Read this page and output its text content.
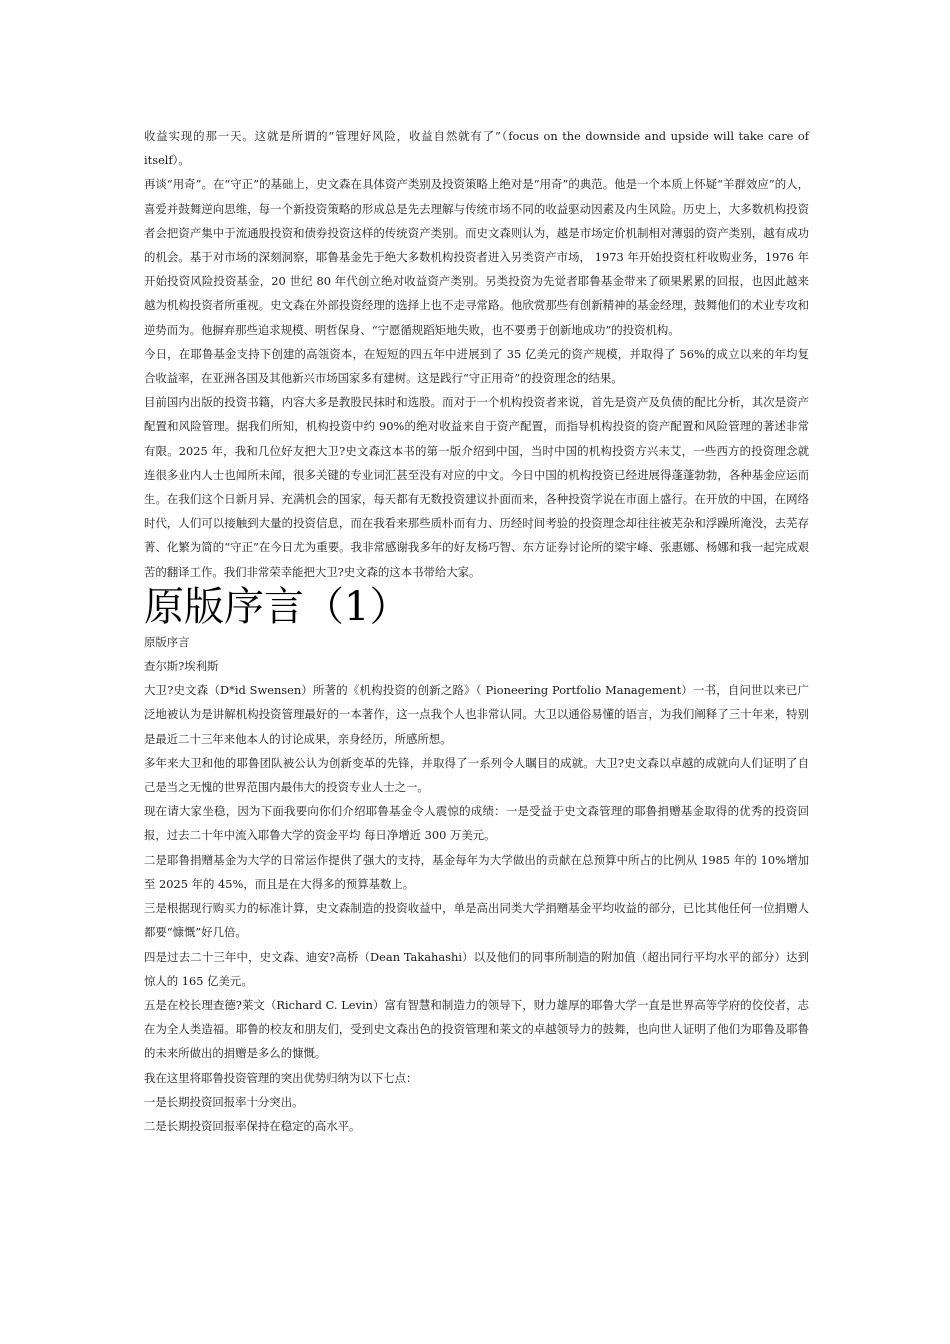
收益实现的那一天。这就是所谓的“管理好风险，收益自然就有了”（focus on the downside and upside will take care of itself）。

再谈“用奇”。在“守正”的基础上，史文森在具体资产类别及投资策略上绝对是“用奇”的典范。他是一个本质上怀疑“羊群效应”的人，喜爱并鼓舞逆向思维，每一个新投资策略的形成总是先去理解与传统市场不同的收益驱动因素及内生风险。历史上，大多数机构投资者会把资产集中于流通股投资和债券投资这样的传统资产类别。而史文森则认为，越是市场定价机制相对薄弱的资产类别，越有成功的机会。基于对市场的深刻洞察，耶鲁基金先于绝大多数机构投资者进入另类资产市场， 1973 年开始投资杠杆收购业务，1976 年开始投资风险投资基金，20 世纪 80 年代创立绝对收益资产类别。另类投资为先觉者耶鲁基金带来了硕果累累的回报，也因此越来越为机构投资者所重视。史文森在外部投资经理的选择上也不走寻常路。他欣赏那些有创新精神的基金经理，鼓舞他们的术业专攻和逆势而为。他摒弃那些追求规模、明哲保身、“宁愿循规蹈矩地失败，也不要勇于创新地成功”的投资机构。

今日，在耶鲁基金支持下创建的高瓴资本，在短短的四五年中进展到了 35 亿美元的资产规模，并取得了 56%的成立以来的年均复合收益率，在亚洲各国及其他新兴市场国家多有建树。这是践行“守正用奇”的投资理念的结果。

目前国内出版的投资书籍，内容大多是教股民抹时和选股。而对于一个机构投资者来说，首先是资产及负债的配比分析，其次是资产配置和风险管理。据我们所知，机构投资中约 90%的绝对收益来自于资产配置，而指导机构投资的资产配置和风险管理的著述非常有限。2025 年，我和几位好友把大卫?史文森这本书的第一版介绍到中国，当时中国的机构投资方兴未艾，一些西方的投资理念就连很多业内人士也闻所未闻，很多关键的专业词汇甚至没有对应的中文。今日中国的机构投资已经进展得蓬蓬勃勃，各种基金应运而生。在我们这个日新月异、充满机会的国家，每天都有无数投资建议扑面而来，各种投资学说在市面上盛行。在开放的中国，在网络时代，人们可以接触到大量的投资信息，而在我看来那些质朴而有力、历经时间考验的投资理念却往往被芜杂和浮躁所淹没，去芜存菁、化繁为简的“守正”在今日尤为重要。我非常感谢我多年的好友杨巧智、东方证券讨论所的梁宇峰、张惠娜、杨娜和我一起完成艰苦的翻译工作。我们非常荣幸能把大卫?史文森的这本书带给大家。

原版序言（1）

原版序言

查尔斯?埃利斯

大卫?史文森（D*id Swensen）所著的《机构投资的创新之路》（ Pioneering Portfolio Management）一书，自问世以来已广泛地被认为是讲解机构投资管理最好的一本著作，这一点我个人也非常认同。大卫以通俗易懂的语言，为我们阐释了三十年来，特别是最近二十三年来他本人的讨论成果，亲身经历，所感所想。

多年来大卫和他的耶鲁团队被公认为创新变革的先锋，并取得了一系列令人瞩目的成就。大卫?史文森以卓越的成就向人们证明了自己是当之无愧的世界范围内最伟大的投资专业人士之一。

现在请大家坐稳，因为下面我要向你们介绍耶鲁基金令人震惊的成绩：一是受益于史文森管理的耶鲁捐赠基金取得的优秀的投资回报，过去二十年中流入耶鲁大学的资金平均 每日净增近 300 万美元。

二是耶鲁捐赠基金为大学的日常运作提供了强大的支持，基金每年为大学做出的贡献在总预算中所占的比例从 1985 年的 10%增加至 2025 年的 45%，而且是在大得多的预算基数上。

三是根据现行购买力的标准计算，史文森制造的投资收益中，单是高出同类大学捐赠基金平均收益的部分，已比其他任何一位捐赠人都要“慷慨”好几倍。

四是过去二十三年中，史文森、迪安?高桥（Dean Takahashi）以及他们的同事所制造的附加值（超出同行平均水平的部分）达到惊人的 165 亿美元。

五是在校长理查德?莱文（Richard C. Levin）富有智慧和制造力的领导下，财力雄厚的耶鲁大学一直是世界高等学府的佼佼者，志在为全人类造福。耶鲁的校友和朋友们，受到史文森出色的投资管理和莱文的卓越领导力的鼓舞，也向世人证明了他们为耶鲁及耶鲁的未来所做出的捐赠是多么的慷慨。

我在这里将耶鲁投资管理的突出优势归纳为以下七点：

一是长期投资回报率十分突出。

二是长期投资回报率保持在稳定的高水平。
